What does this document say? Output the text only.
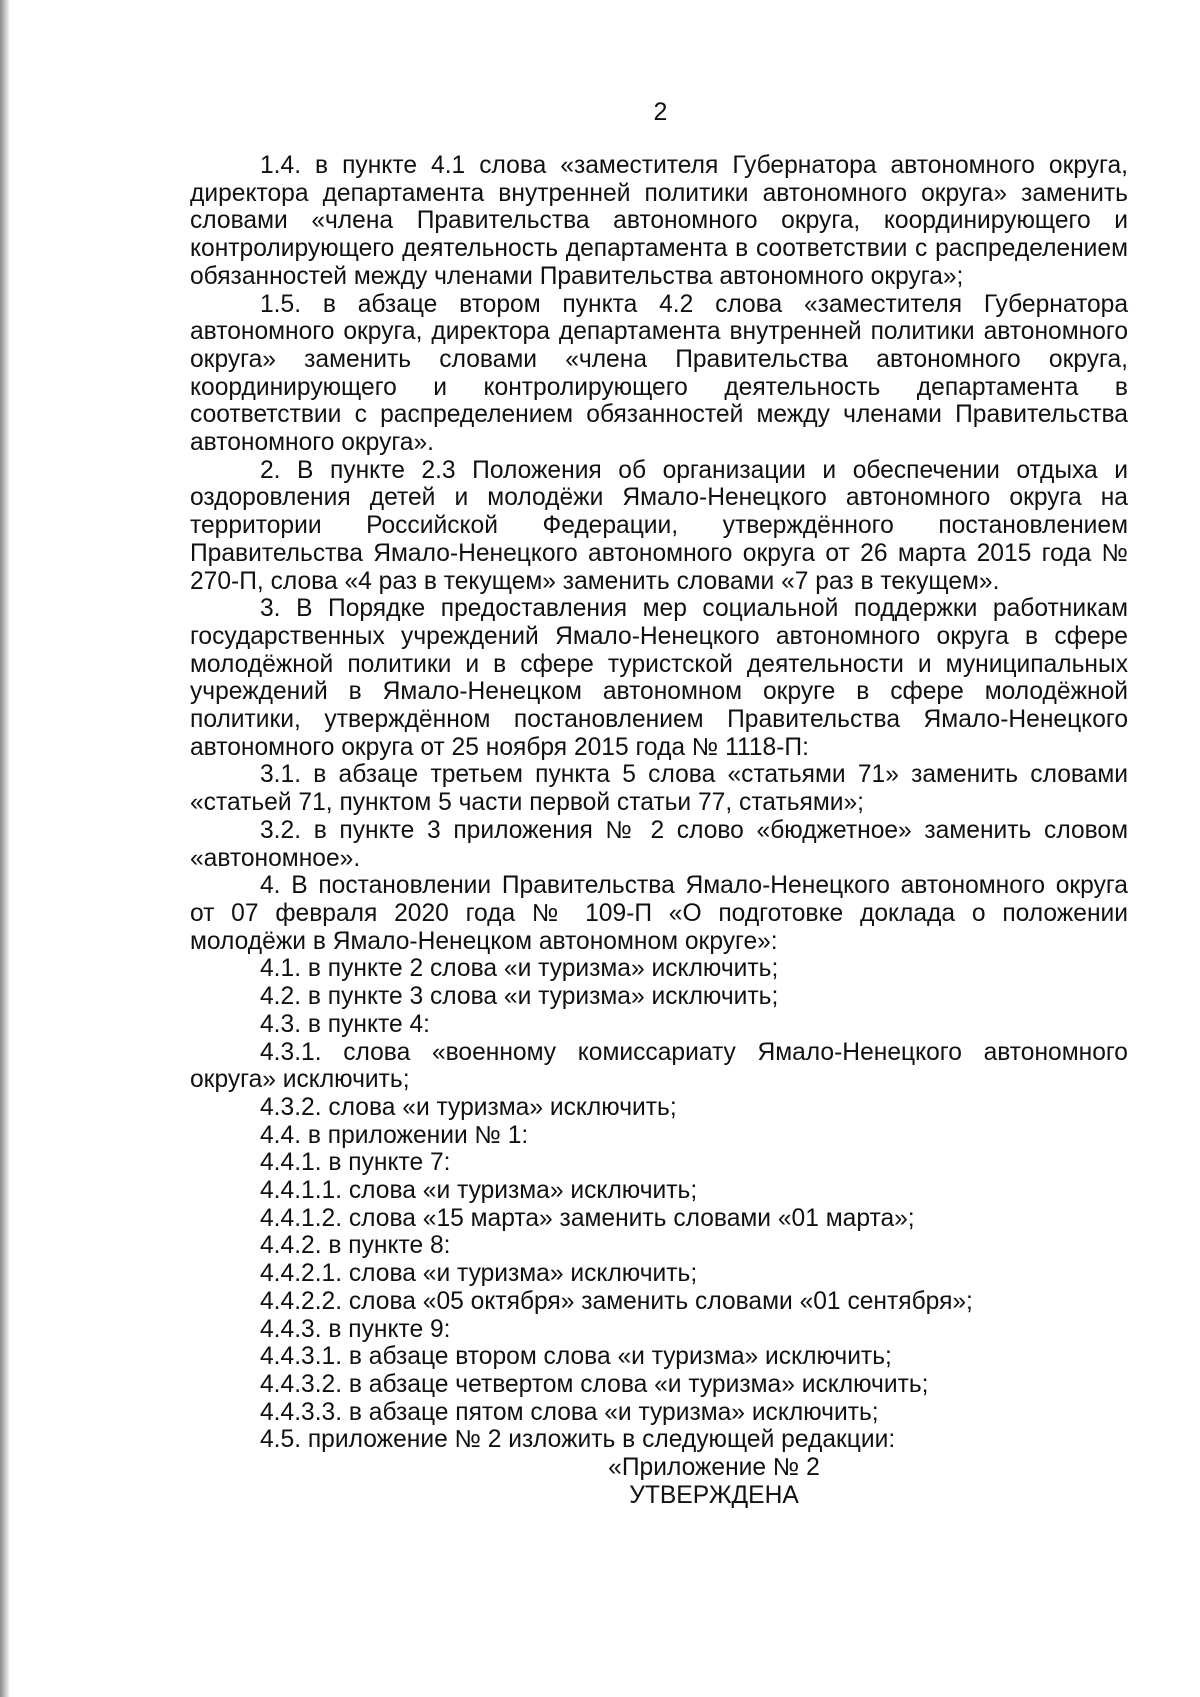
2

1.4. в пункте 4.1 слова «заместителя Губернатора автономного округа, директора департамента внутренней политики автономного округа» заменить словами «члена Правительства автономного округа, координирующего и контролирующего деятельность департамента в соответствии с распределением обязанностей между членами Правительства автономного округа»;

1.5. в абзаце втором пункта 4.2 слова «заместителя Губернатора автономного округа, директора департамента внутренней политики автономного округа» заменить словами «члена Правительства автономного округа, координирующего и контролирующего деятельность департамента в соответствии с распределением обязанностей между членами Правительства автономного округа».

2. В пункте 2.3 Положения об организации и обеспечении отдыха и оздоровления детей и молодёжи Ямало-Ненецкого автономного округа на территории Российской Федерации, утверждённого постановлением Правительства Ямало-Ненецкого автономного округа от 26 марта 2015 года № 270-П, слова «4 раз в текущем» заменить словами «7 раз в текущем».

3. В Порядке предоставления мер социальной поддержки работникам государственных учреждений Ямало-Ненецкого автономного округа в сфере молодёжной политики и в сфере туристской деятельности и муниципальных учреждений в Ямало-Ненецком автономном округе в сфере молодёжной политики, утверждённом постановлением Правительства Ямало-Ненецкого автономного округа от 25 ноября 2015 года № 1118-П:

3.1. в абзаце третьем пункта 5 слова «статьями 71» заменить словами «статьей 71, пунктом 5 части первой статьи 77, статьями»;

3.2. в пункте 3 приложения № 2 слово «бюджетное» заменить словом «автономное».

4. В постановлении Правительства Ямало-Ненецкого автономного округа от 07 февраля 2020 года № 109-П «О подготовке доклада о положении молодёжи в Ямало-Ненецком автономном округе»:

4.1. в пункте 2 слова «и туризма» исключить;

4.2. в пункте 3 слова «и туризма» исключить;

4.3. в пункте 4:

4.3.1. слова «военному комиссариату Ямало-Ненецкого автономного округа» исключить;

4.3.2. слова «и туризма» исключить;

4.4. в приложении № 1:

4.4.1. в пункте 7:

4.4.1.1. слова «и туризма» исключить;

4.4.1.2. слова «15 марта» заменить словами «01 марта»;

4.4.2. в пункте 8:

4.4.2.1. слова «и туризма» исключить;

4.4.2.2. слова «05 октября» заменить словами «01 сентября»;

4.4.3. в пункте 9:

4.4.3.1. в абзаце втором слова «и туризма» исключить;

4.4.3.2. в абзаце четвертом слова «и туризма» исключить;

4.4.3.3. в абзаце пятом слова «и туризма» исключить;

4.5. приложение № 2 изложить в следующей редакции:

«Приложение № 2

УТВЕРЖДЕНА
